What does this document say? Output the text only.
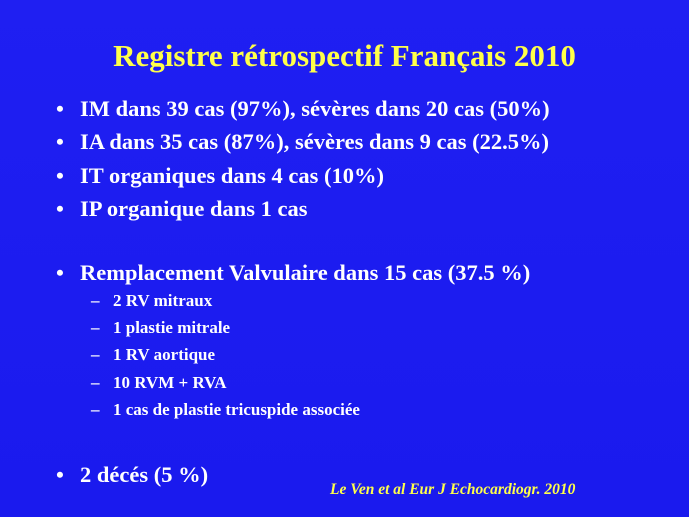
Registre rétrospectif Français 2010
• IM dans 39 cas (97%), sévères dans 20 cas (50%)
• IA dans 35 cas (87%), sévères dans 9 cas (22.5%)
• IT organiques dans 4 cas (10%)
• IP organique dans 1 cas
• Remplacement Valvulaire dans 15 cas (37.5 %)
– 2 RV mitraux
– 1 plastie mitrale
– 1 RV aortique
– 10 RVM + RVA
– 1 cas de plastie tricuspide associée
• 2 décés (5 %)
Le Ven et al Eur J Echocardiogr. 2010
